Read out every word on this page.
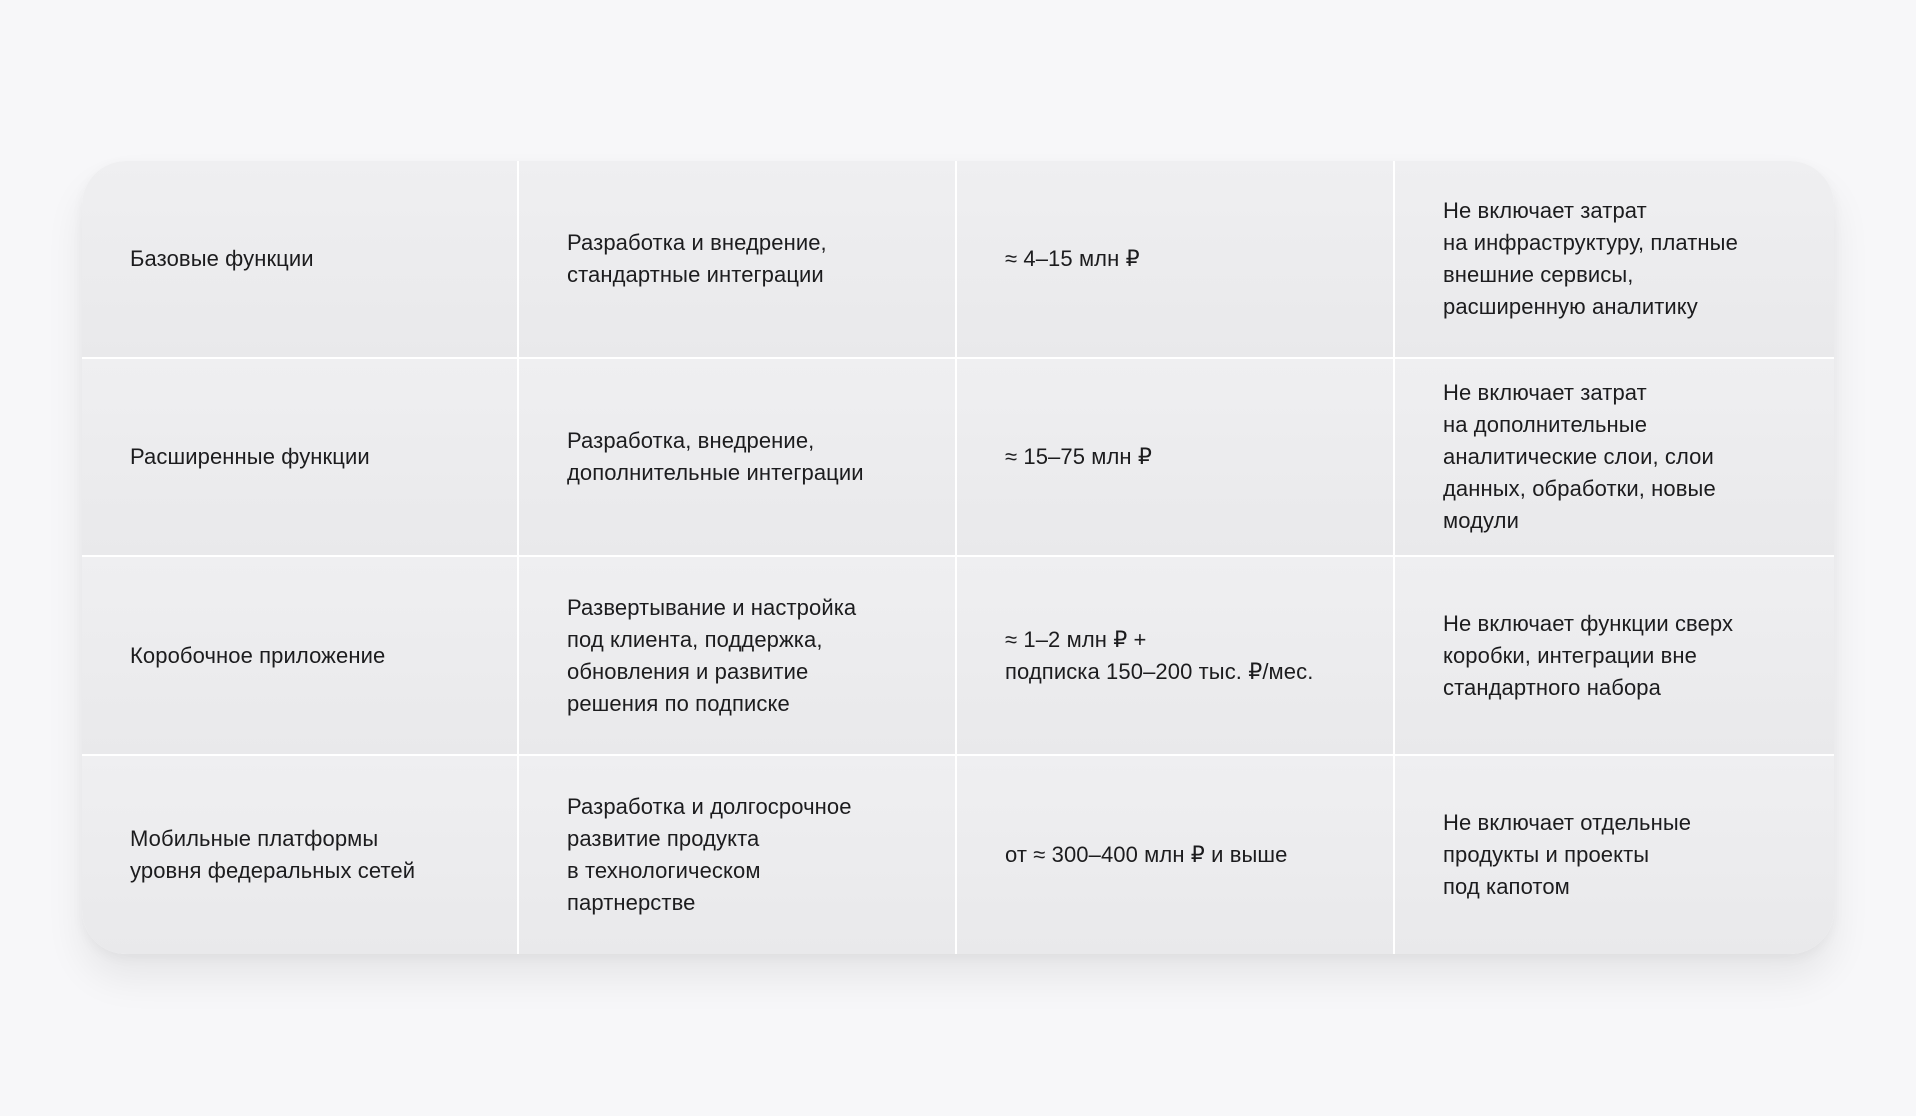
Базовые функции
Разработка и внедрение,
стандартные интеграции
≈ 4–15 млн ₽
Не включает затрат
на инфраструктуру, платные
внешние сервисы,
расширенную аналитику
Расширенные функции
Разработка, внедрение,
дополнительные интеграции
≈ 15–75 млн ₽
Не включает затрат
на дополнительные
аналитические слои, слои
данных, обработки, новые
модули
Коробочное приложение
Развертывание и настройка
под клиента, поддержка,
обновления и развитие
решения по подписке
≈ 1–2 млн ₽ +
подписка 150–200 тыс. ₽/мес.
Не включает функции сверх
коробки, интеграции вне
стандартного набора
Мобильные платформы
уровня федеральных сетей
Разработка и долгосрочное
развитие продукта
в технологическом
партнерстве
от ≈ 300–400 млн ₽ и выше
Не включает отдельные
продукты и проекты
под капотом
